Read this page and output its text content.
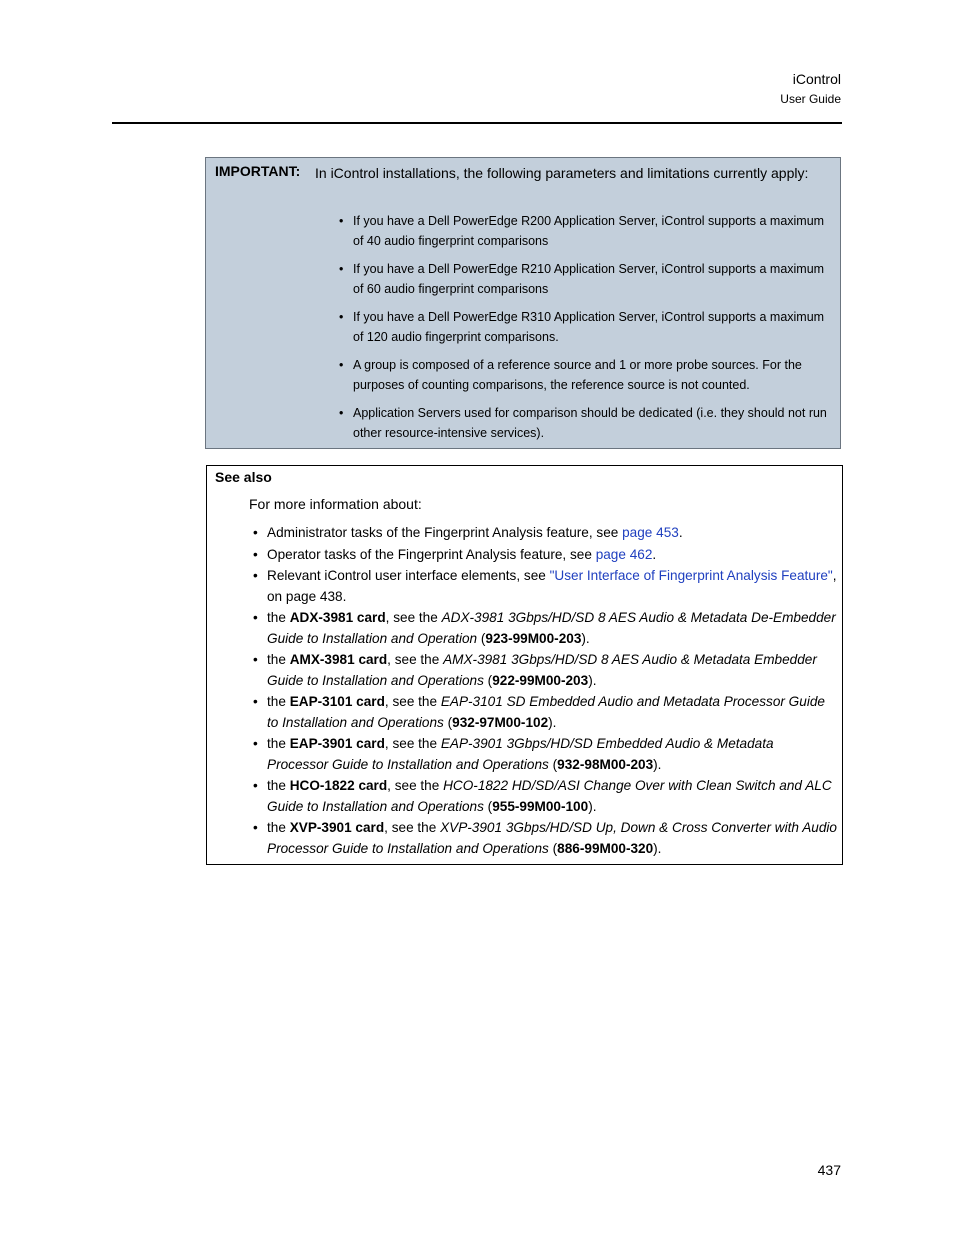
iControl
User Guide
IMPORTANT: In iControl installations, the following parameters and limitations currently apply:
• If you have a Dell PowerEdge R200 Application Server, iControl supports a maximum of 40 audio fingerprint comparisons
• If you have a Dell PowerEdge R210 Application Server, iControl supports a maximum of 60 audio fingerprint comparisons
• If you have a Dell PowerEdge R310 Application Server, iControl supports a maximum of 120 audio fingerprint comparisons.
• A group is composed of a reference source and 1 or more probe sources. For the purposes of counting comparisons, the reference source is not counted.
• Application Servers used for comparison should be dedicated (i.e. they should not run other resource-intensive services).
See also
For more information about:
• Administrator tasks of the Fingerprint Analysis feature, see page 453.
• Operator tasks of the Fingerprint Analysis feature, see page 462.
• Relevant iControl user interface elements, see "User Interface of Fingerprint Analysis Feature", on page 438.
• the ADX-3981 card, see the ADX-3981 3Gbps/HD/SD 8 AES Audio & Metadata De-Embedder Guide to Installation and Operation (923-99M00-203).
• the AMX-3981 card, see the AMX-3981 3Gbps/HD/SD 8 AES Audio & Metadata Embedder Guide to Installation and Operations (922-99M00-203).
• the EAP-3101 card, see the EAP-3101 SD Embedded Audio and Metadata Processor Guide to Installation and Operations (932-97M00-102).
• the EAP-3901 card, see the EAP-3901 3Gbps/HD/SD Embedded Audio & Metadata Processor Guide to Installation and Operations (932-98M00-203).
• the HCO-1822 card, see the HCO-1822 HD/SD/ASI Change Over with Clean Switch and ALC Guide to Installation and Operations (955-99M00-100).
• the XVP-3901 card, see the XVP-3901 3Gbps/HD/SD Up, Down & Cross Converter with Audio Processor Guide to Installation and Operations (886-99M00-320).
437
